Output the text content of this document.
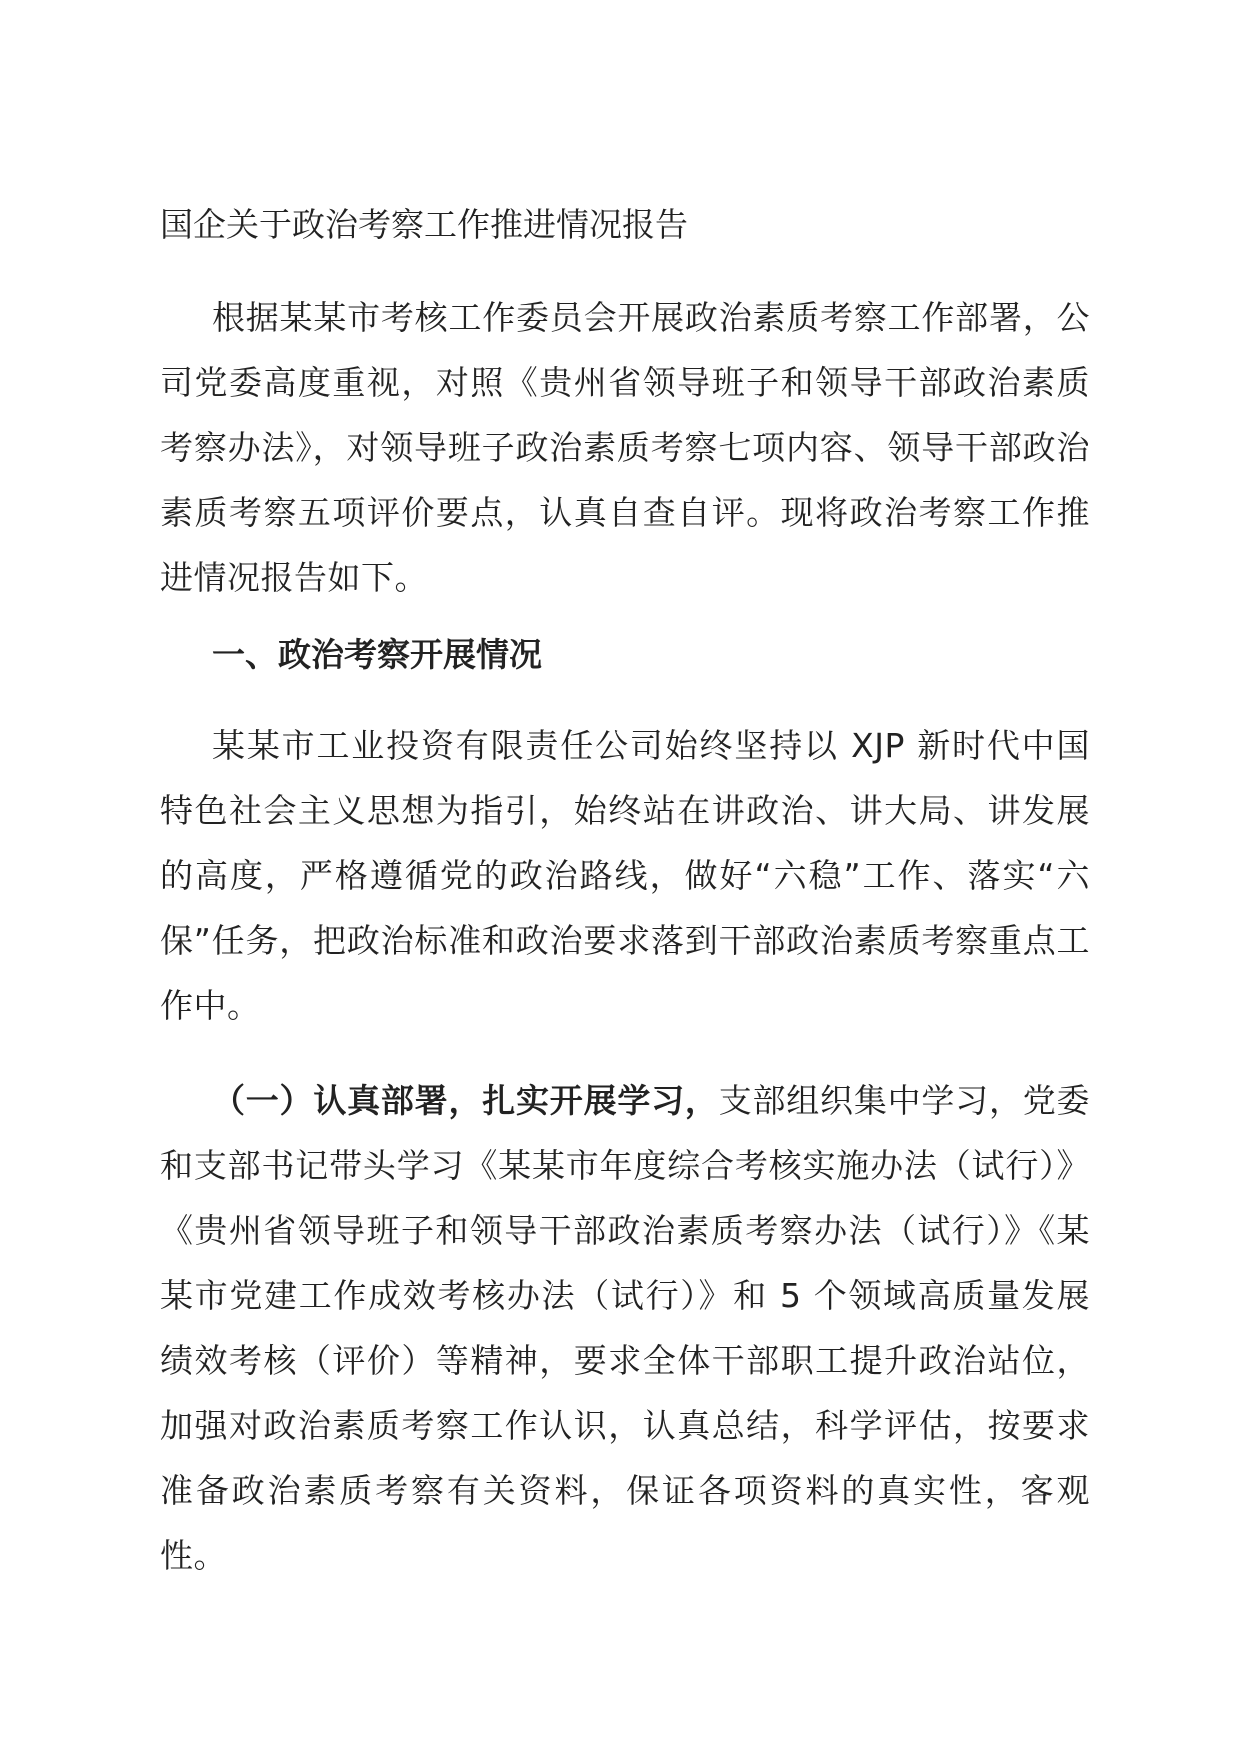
国企关于政治考察工作推进情况报告

根据某某市考核工作委员会开展政治素质考察工作部署，公司党委高度重视，对照《贵州省领导班子和领导干部政治素质考察办法》，对领导班子政治素质考察七项内容、领导干部政治素质考察五项评价要点，认真自查自评。现将政治考察工作推进情况报告如下。

一、政治考察开展情况

某某市工业投资有限责任公司始终坚持以 XJP 新时代中国特色社会主义思想为指引，始终站在讲政治、讲大局、讲发展的高度，严格遵循党的政治路线，做好“六稳”工作、落实“六保”任务，把政治标准和政治要求落到干部政治素质考察重点工作中。

（一）认真部署，扎实开展学习，支部组织集中学习，党委和支部书记带头学习《某某市年度综合考核实施办法（试行）》《贵州省领导班子和领导干部政治素质考察办法（试行）》《某某市党建工作成效考核办法（试行）》和 5 个领域高质量发展绩效考核（评价）等精神，要求全体干部职工提升政治站位，加强对政治素质考察工作认识，认真总结，科学评估，按要求准备政治素质考察有关资料，保证各项资料的真实性，客观性。
